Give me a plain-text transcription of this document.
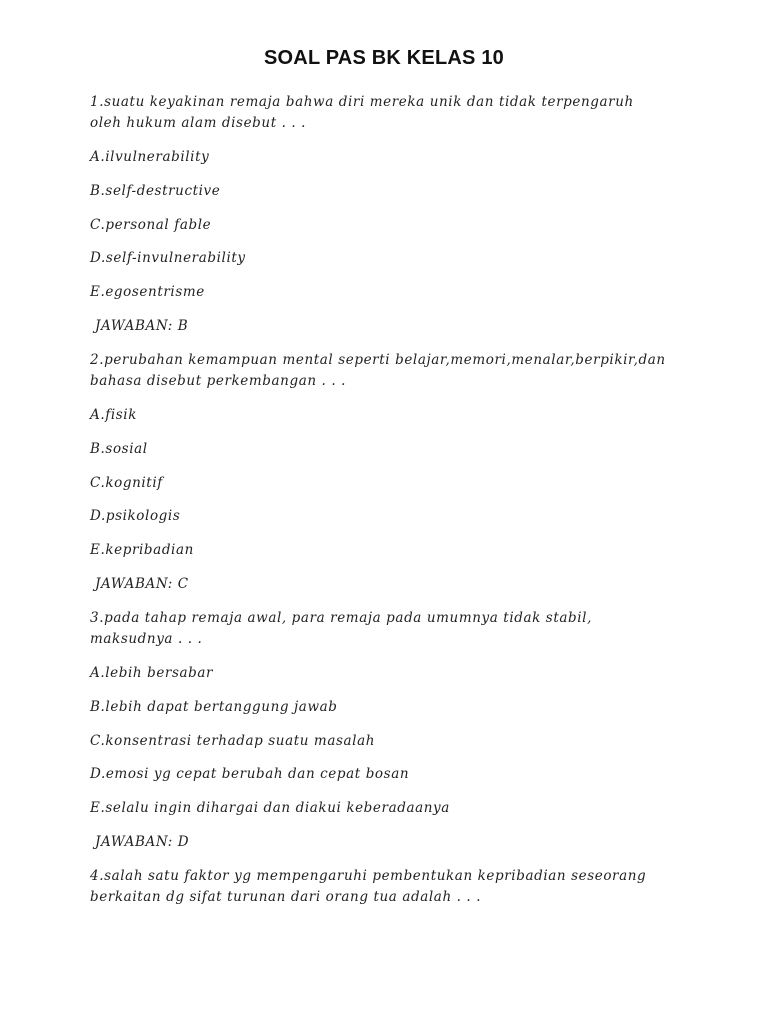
SOAL PAS BK KELAS 10
1.suatu keyakinan remaja bahwa diri mereka unik dan tidak terpengaruh oleh hukum alam disebut . . .
A.ilvulnerability
B.self-destructive
C.personal fable
D.self-invulnerability
E.egosentrisme
JAWABAN: B
2.perubahan kemampuan mental seperti belajar,memori,menalar,berpikir,dan bahasa disebut perkembangan . . .
A.fisik
B.sosial
C.kognitif
D.psikologis
E.kepribadian
JAWABAN: C
3.pada tahap remaja awal, para remaja pada umumnya tidak stabil, maksudnya . . .
A.lebih bersabar
B.lebih dapat bertanggung jawab
C.konsentrasi terhadap suatu masalah
D.emosi yg cepat berubah dan cepat bosan
E.selalu ingin dihargai dan diakui keberadaanya
JAWABAN: D
4.salah satu faktor yg mempengaruhi pembentukan kepribadian seseorang berkaitan dg sifat turunan dari orang tua adalah . . .
